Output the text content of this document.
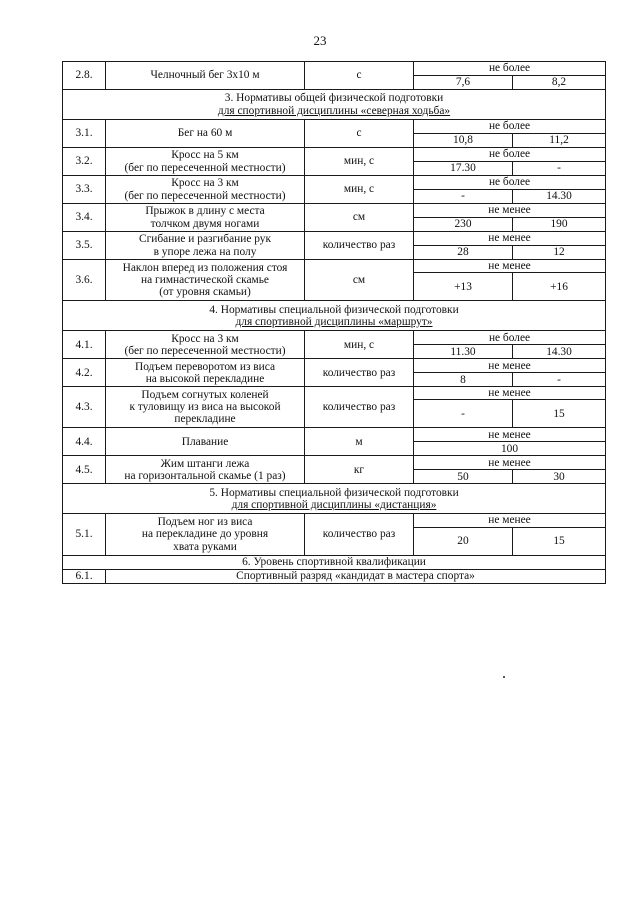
23
2.8.	Челночный бег 3х10 м	с	не более	
			7,6	8,2

3. Нормативы общей физической подготовки
для спортивной дисциплины «северная ходьба»				

3.1.	Бег на 60 м	с	не более	
			10,8	11,2
3.2.	Кросс на 5 км
(бег по пересеченной местности)	мин, с	не более	
			17.30	-
3.3.	Кросс на 3 км
(бег по пересеченной местности)	мин, с	не более	
			-	14.30
3.4.	Прыжок в длину с места
толчком двумя ногами	см	не менее	
			230	190
3.5.	Сгибание и разгибание рук
в упоре лежа на полу	количество раз	не менее	
			28	12
3.6.	Наклон вперед из положения стоя
на гимнастической скамье
(от уровня скамьи)	см	не менее	
			+13	+16

4. Нормативы специальной физической подготовки
для спортивной дисциплины «маршрут»				

4.1.	Кросс на 3 км
(бег по пересеченной местности)	мин, с	не более	
			11.30	14.30
4.2.	Подъем переворотом из виса
на высокой перекладине	количество раз	не менее	
			8	-
4.3.	Подъем согнутых коленей
к туловищу из виса на высокой
перекладине	количество раз	не менее	
			-	15
4.4.	Плавание	м	не менее	
			100	
4.5.	Жим штанги лежа
на горизонтальной скамье (1 раз)	кг	не менее	
			50	30

5. Нормативы специальной физической подготовки
для спортивной дисциплины «дистанция»				

5.1.	Подъем ног из виса
на перекладине до уровня
хвата руками	количество раз	не менее	
			20	15

6. Уровень спортивной квалификации				

6.1.	Спортивный разряд «кандидат в мастера спорта»			
